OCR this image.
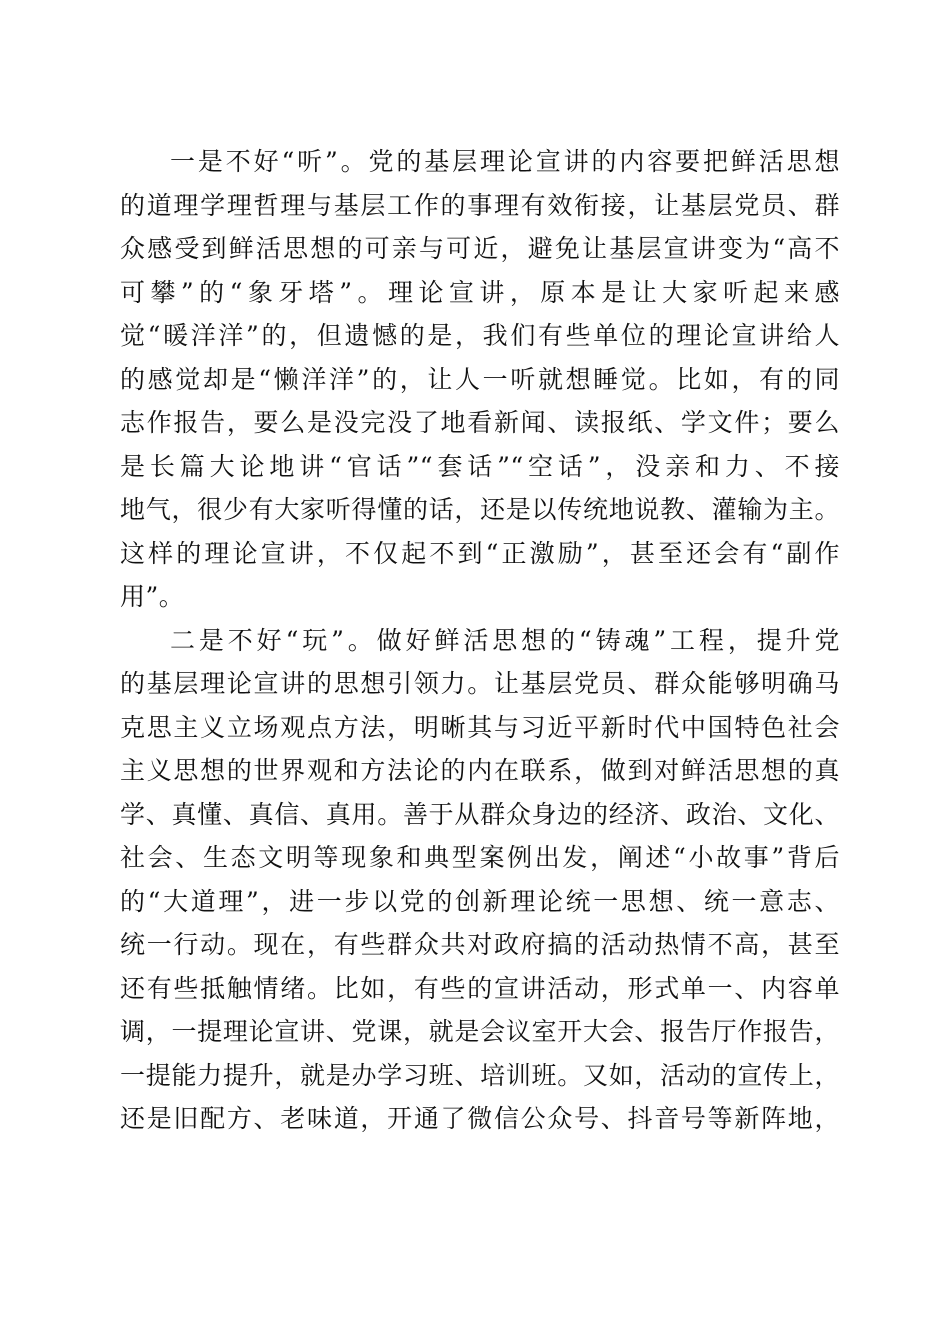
一是不好“听”。党的基层理论宣讲的内容要把鲜活思想
的道理学理哲理与基层工作的事理有效衔接，让基层党员、群
众感受到鲜活思想的可亲与可近，避免让基层宣讲变为“高不
可攀”的“象牙塔”。理论宣讲，原本是让大家听起来感
觉“暖洋洋”的，但遗憾的是，我们有些单位的理论宣讲给人
的感觉却是“懒洋洋”的，让人一听就想睡觉。比如，有的同
志作报告，要么是没完没了地看新闻、读报纸、学文件；要么
是长篇大论地讲“官话”“套话”“空话”，没亲和力、不接
地气，很少有大家听得懂的话，还是以传统地说教、灌输为主。
这样的理论宣讲，不仅起不到“正激励”，甚至还会有“副作
用”。
二是不好“玩”。做好鲜活思想的“铸魂”工程，提升党
的基层理论宣讲的思想引领力。让基层党员、群众能够明确马
克思主义立场观点方法，明晰其与习近平新时代中国特色社会
主义思想的世界观和方法论的内在联系，做到对鲜活思想的真
学、真懂、真信、真用。善于从群众身边的经济、政治、文化、
社会、生态文明等现象和典型案例出发，阐述“小故事”背后
的“大道理”，进一步以党的创新理论统一思想、统一意志、
统一行动。现在，有些群众共对政府搞的活动热情不高，甚至
还有些抵触情绪。比如，有些的宣讲活动，形式单一、内容单
调，一提理论宣讲、党课，就是会议室开大会、报告厅作报告，
一提能力提升，就是办学习班、培训班。又如，活动的宣传上，
还是旧配方、老味道，开通了微信公众号、抖音号等新阵地，
